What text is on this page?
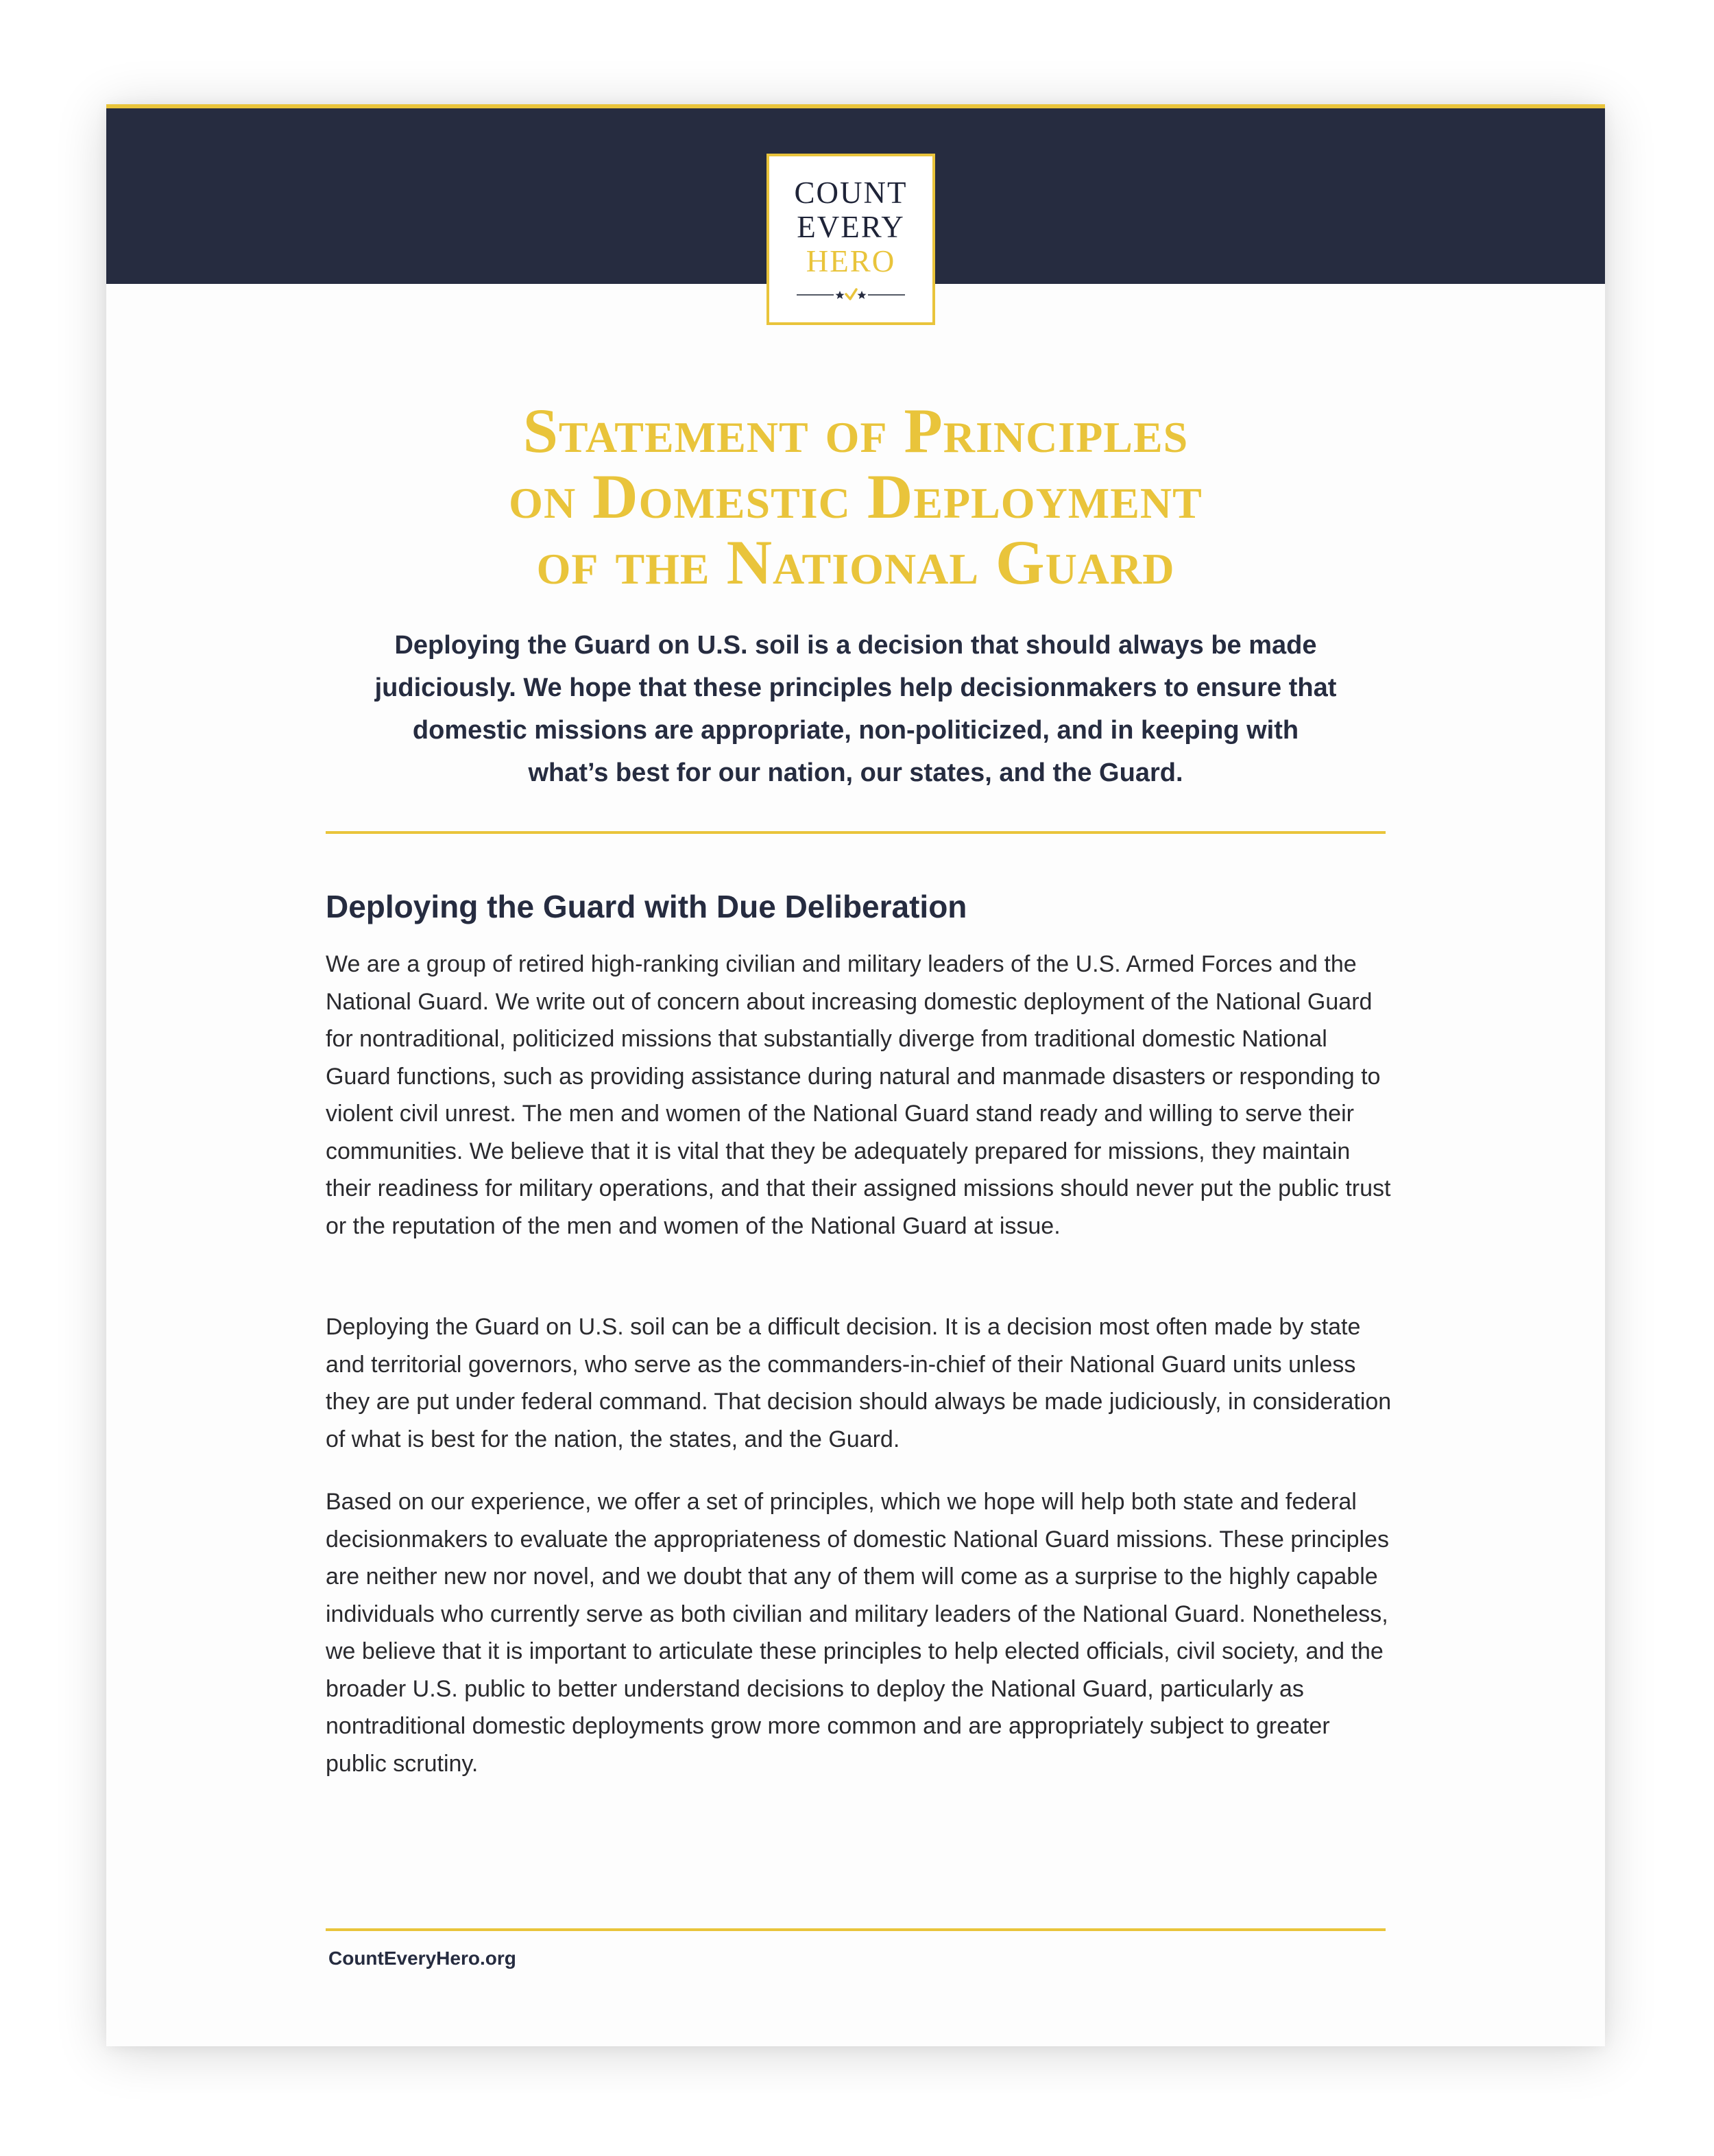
COUNT
EVERY
HERO
Statement of Principles
on Domestic Deployment
of the National Guard
Deploying the Guard on U.S. soil is a decision that should always be made judiciously. We hope that these principles help decisionmakers to ensure that domestic missions are appropriate, non-politicized, and in keeping with what’s best for our nation, our states, and the Guard.
Deploying the Guard with Due Deliberation
We are a group of retired high-ranking civilian and military leaders of the U.S. Armed Forces and the National Guard. We write out of concern about increasing domestic deployment of the National Guard for nontraditional, politicized missions that substantially diverge from traditional domestic National Guard functions, such as providing assistance during natural and manmade disasters or responding to violent civil unrest. The men and women of the National Guard stand ready and willing to serve their communities. We believe that it is vital that they be adequately prepared for missions, they maintain their readiness for military operations, and that their assigned missions should never put the public trust or the reputation of the men and women of the National Guard at issue.
Deploying the Guard on U.S. soil can be a difficult decision. It is a decision most often made by state and territorial governors, who serve as the commanders-in-chief of their National Guard units unless they are put under federal command. That decision should always be made judiciously, in consideration of what is best for the nation, the states, and the Guard.
Based on our experience, we offer a set of principles, which we hope will help both state and federal decisionmakers to evaluate the appropriateness of domestic National Guard missions. These principles are neither new nor novel, and we doubt that any of them will come as a surprise to the highly capable individuals who currently serve as both civilian and military leaders of the National Guard. Nonetheless, we believe that it is important to articulate these principles to help elected officials, civil society, and the broader U.S. public to better understand decisions to deploy the National Guard, particularly as nontraditional domestic deployments grow more common and are appropriately subject to greater public scrutiny.
CountEveryHero.org
